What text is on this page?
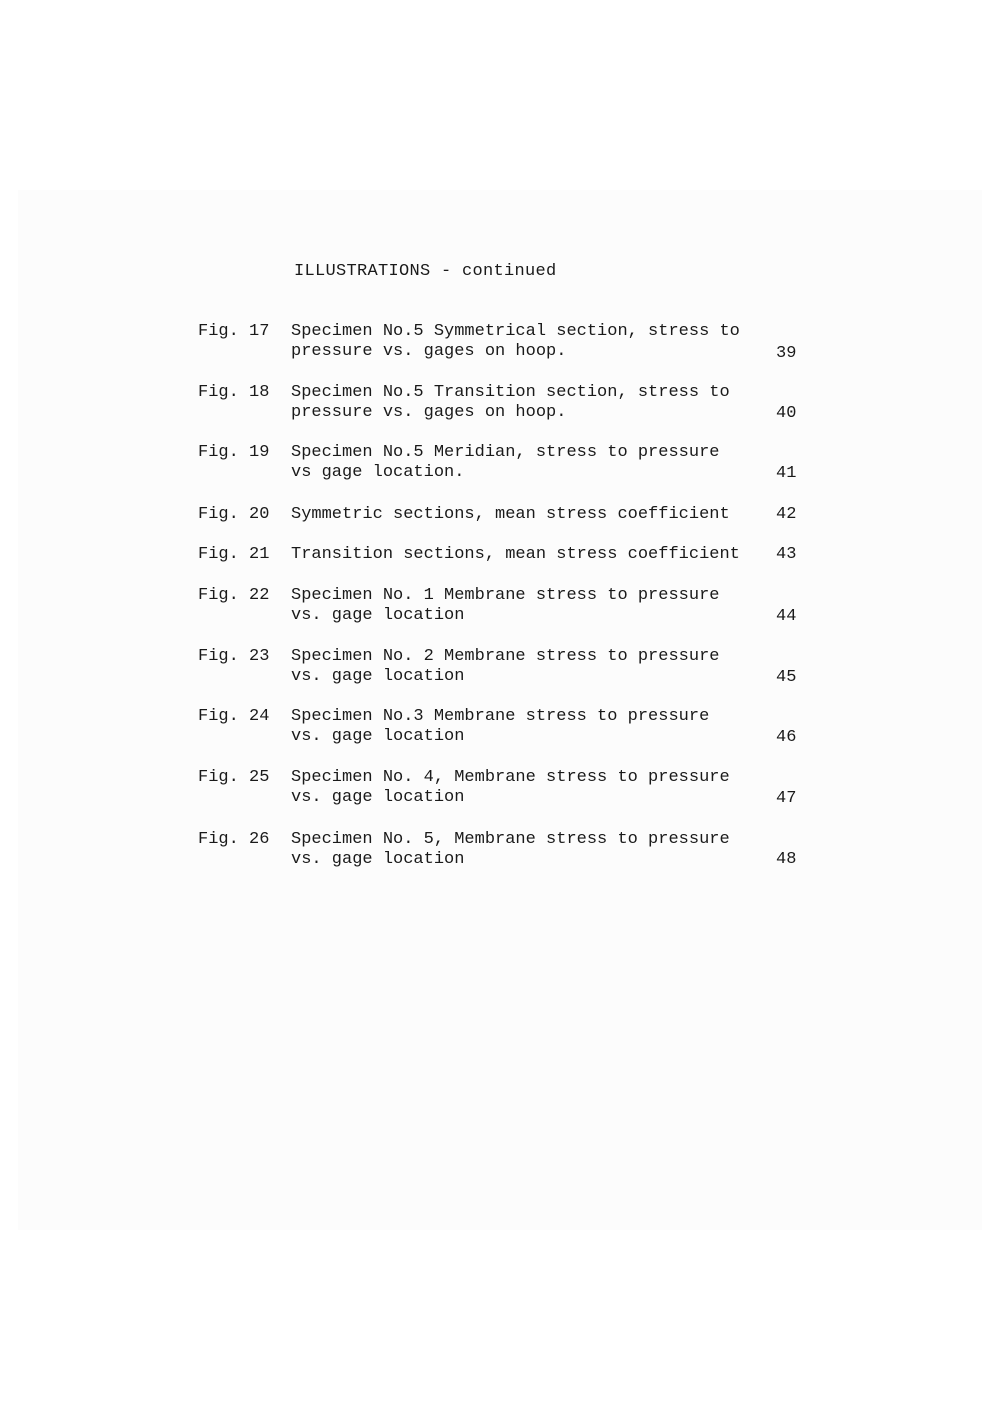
ILLUSTRATIONS - continued
Fig. 17 Specimen No.5 Symmetrical section, stress to
pressure vs. gages on hoop.	39
Fig. 18 Specimen No.5 Transition section, stress to
pressure vs. gages on hoop.	40
Fig. 19 Specimen No.5 Meridian, stress to pressure
vs gage location.	41
Fig. 20 Symmetric sections, mean stress coefficient	42
Fig. 21 Transition sections, mean stress coefficient	43
Fig. 22 Specimen No. 1 Membrane stress to pressure
vs. gage location	44
Fig. 23 Specimen No. 2 Membrane stress to pressure
vs. gage location	45
Fig. 24 Specimen No.3 Membrane stress to pressure
vs. gage location	46
Fig. 25 Specimen No. 4, Membrane stress to pressure
vs. gage location	47
Fig. 26 Specimen No. 5, Membrane stress to pressure
vs. gage location	48
